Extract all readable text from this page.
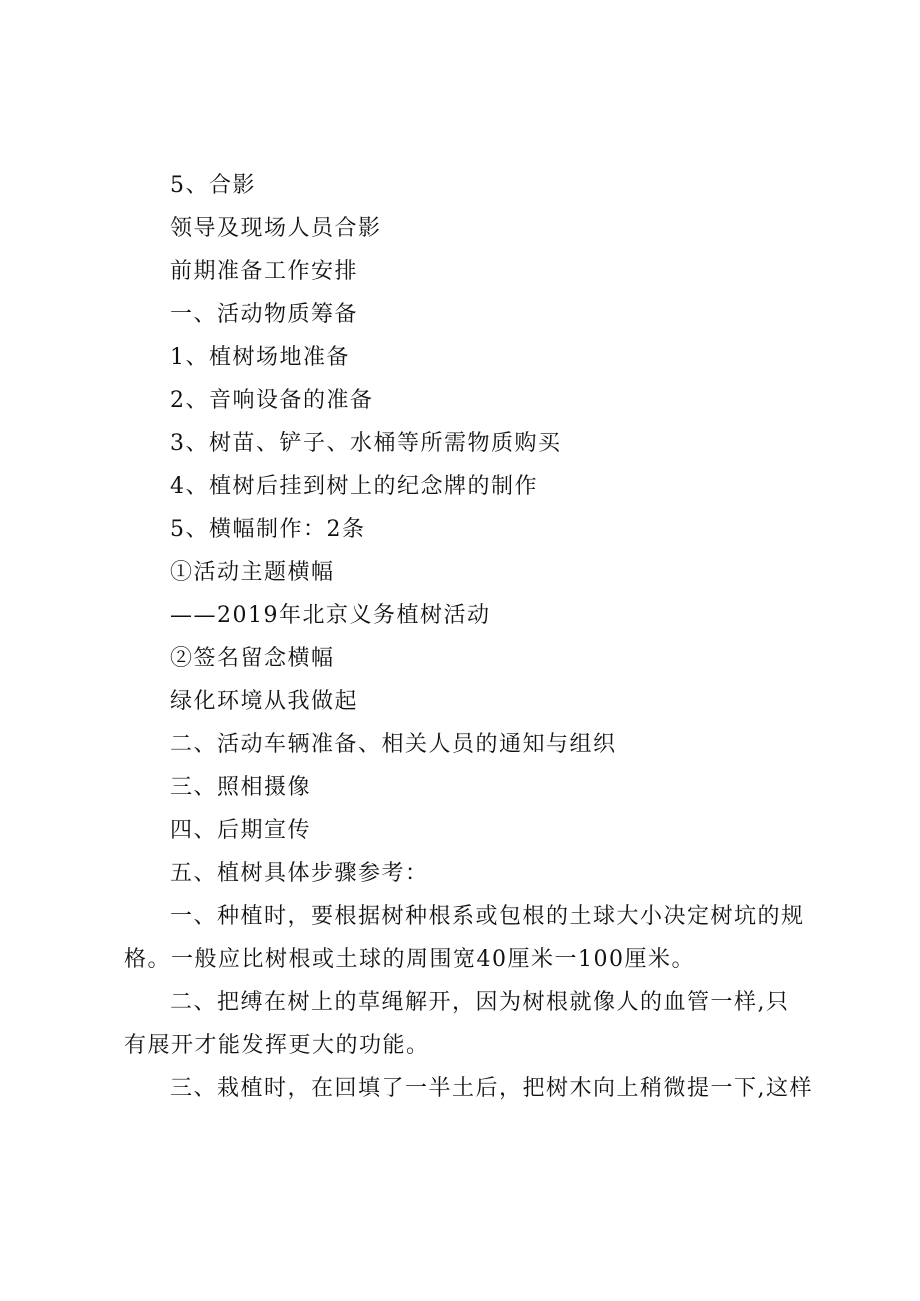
5、合影
领导及现场人员合影
前期准备工作安排
一、活动物质筹备
1、植树场地准备
2、音响设备的准备
3、树苗、铲子、水桶等所需物质购买
4、植树后挂到树上的纪念牌的制作
5、横幅制作：2条
①活动主题横幅
——2019年北京义务植树活动
②签名留念横幅
绿化环境从我做起
二、活动车辆准备、相关人员的通知与组织
三、照相摄像
四、后期宣传
五、植树具体步骤参考：
一、种植时，要根据树种根系或包根的土球大小决定树坑的规
格。一般应比树根或土球的周围宽40厘米一100厘米。
二、把缚在树上的草绳解开，因为树根就像人的血管一样,只
有展开才能发挥更大的功能。
三、栽植时，在回填了一半土后，把树木向上稍微提一下,这样
